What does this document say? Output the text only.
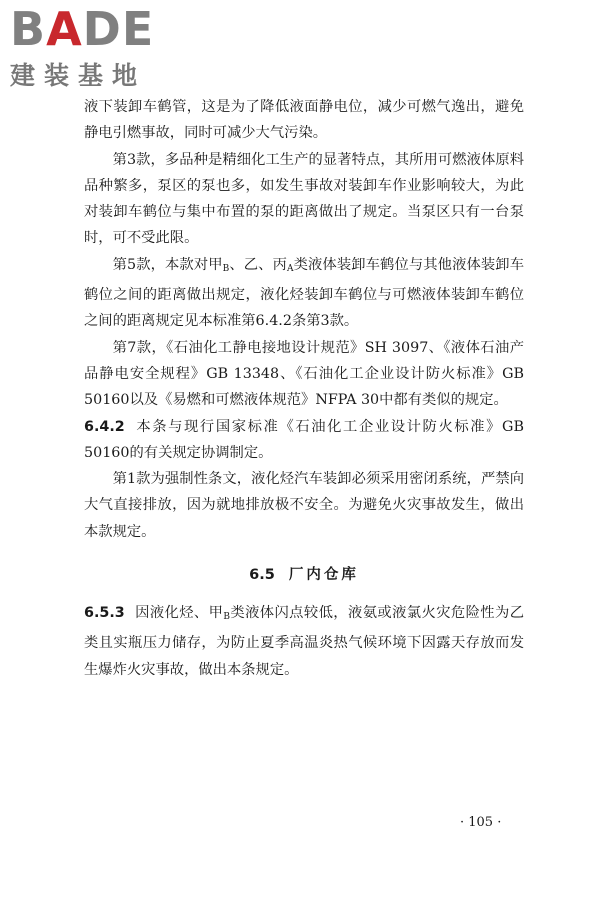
BADE
建装基地

液下装卸车鹤管，这是为了降低液面静电位，减少可燃气逸出，避免静电引燃事故，同时可减少大气污染。

第3款，多品种是精细化工生产的显著特点，其所用可燃液体原料品种繁多，泵区的泵也多，如发生事故对装卸车作业影响较大，为此对装卸车鹤位与集中布置的泵的距离做出了规定。当泵区只有一台泵时，可不受此限。

第5款，本款对甲$_B$、乙、丙$_A$类液体装卸车鹤位与其他液体装卸车鹤位之间的距离做出规定，液化烃装卸车鹤位与可燃液体装卸车鹤位之间的距离规定见本标准第6.4.2条第3款。

第7款，《石油化工静电接地设计规范》SH 3097、《液体石油产品静电安全规程》GB 13348、《石油化工企业设计防火标准》GB 50160以及《易燃和可燃液体规范》NFPA 30中都有类似的规定。

6.4.2 本条与现行国家标准《石油化工企业设计防火标准》GB 50160的有关规定协调制定。

第1款为强制性条文，液化烃汽车装卸必须采用密闭系统，严禁向大气直接排放，因为就地排放极不安全。为避免火灾事故发生，做出本款规定。

6.5 厂内仓库

6.5.3 因液化烃、甲$_B$类液体闪点较低，液氨或液氯火灾危险性为乙类且实瓶压力储存，为防止夏季高温炎热气候环境下因露天存放而发生爆炸火灾事故，做出本条规定。

· 105 ·
